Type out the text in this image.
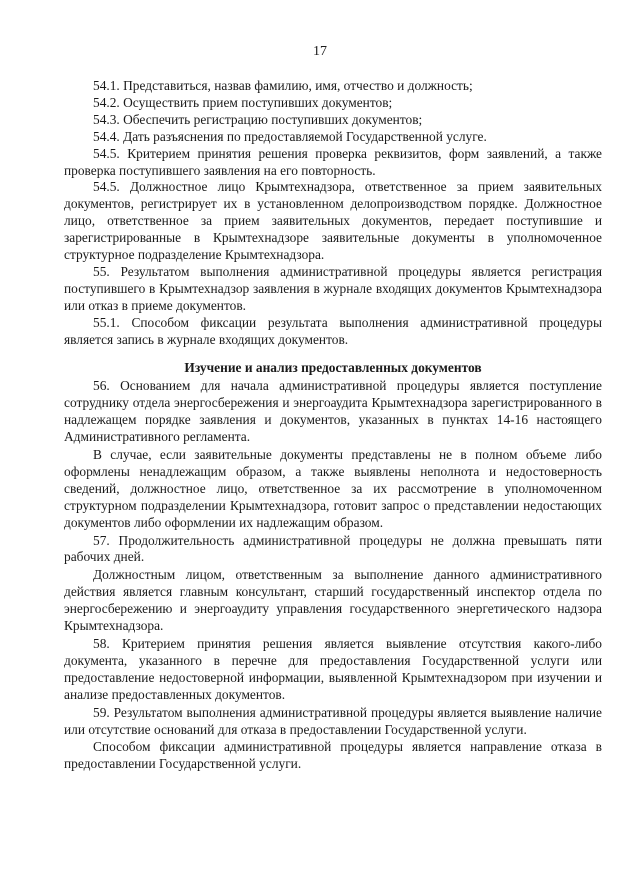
17

54.1. Представиться, назвав фамилию, имя, отчество и должность;

54.2. Осуществить прием поступивших документов;

54.3. Обеспечить регистрацию поступивших документов;

54.4. Дать разъяснения по предоставляемой Государственной услуге.

54.5. Критерием принятия решения проверка реквизитов, форм заявлений, а также проверка поступившего заявления на его повторность.

54.5. Должностное лицо Крымтехнадзора, ответственное за прием заявительных документов, регистрирует их в установленном делопроизводством порядке. Должностное лицо, ответственное за прием заявительных документов, передает поступившие и зарегистрированные в Крымтехнадзоре заявительные документы в уполномоченное структурное подразделение Крымтехнадзора.

55. Результатом выполнения административной процедуры является регистрация поступившего в Крымтехнадзор заявления в журнале входящих документов Крымтехнадзора или отказ в приеме документов.

55.1. Способом фиксации результата выполнения административной процедуры является запись в журнале входящих документов.

Изучение и анализ предоставленных документов

56. Основанием для начала административной процедуры является поступление сотруднику отдела энергосбережения и энергоаудита Крымтехнадзора зарегистрированного в надлежащем порядке заявления и документов, указанных в пунктах 14-16 настоящего Административного регламента.

В случае, если заявительные документы представлены не в полном объеме либо оформлены ненадлежащим образом, а также выявлены неполнота и недостоверность сведений, должностное лицо, ответственное за их рассмотрение в уполномоченном структурном подразделении Крымтехнадзора, готовит запрос о представлении недостающих документов либо оформлении их надлежащим образом.

57. Продолжительность административной процедуры не должна превышать пяти рабочих дней.

Должностным лицом, ответственным за выполнение данного административного действия является главным консультант, старший государственный инспектор отдела по энергосбережению и энергоаудиту управления государственного энергетического надзора Крымтехнадзора.

58. Критерием принятия решения является выявление отсутствия какого-либо документа, указанного в перечне для предоставления Государственной услуги или предоставление недостоверной информации, выявленной Крымтехнадзором при изучении и анализе предоставленных документов.

59. Результатом выполнения административной процедуры является выявление наличие или отсутствие оснований для отказа в предоставлении Государственной услуги.

Способом фиксации административной процедуры является направление отказа в предоставлении Государственной услуги.
